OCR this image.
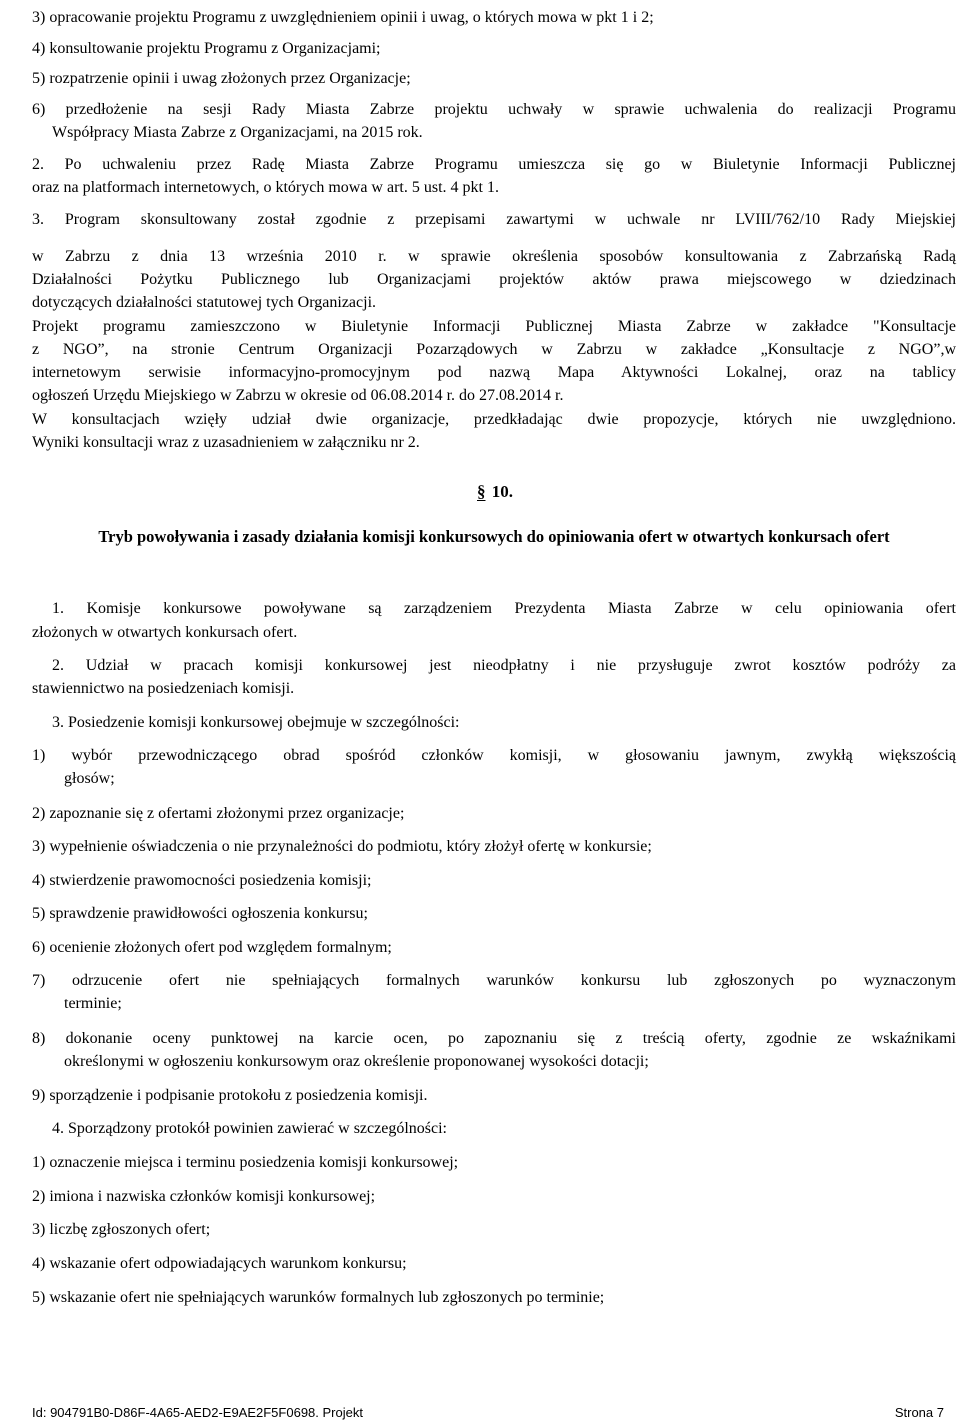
3) opracowanie projektu Programu z uwzględnieniem opinii i uwag, o których mowa w pkt 1 i 2;
4) konsultowanie projektu Programu z Organizacjami;
5) rozpatrzenie opinii i uwag złożonych przez Organizacje;
6) przedłożenie na sesji Rady Miasta Zabrze projektu uchwały w sprawie uchwalenia do realizacji Programu
Współpracy Miasta Zabrze z Organizacjami, na 2015 rok.
2. Po uchwaleniu przez Radę Miasta Zabrze Programu umieszcza się go w Biuletynie Informacji Publicznej
oraz na platformach internetowych, o których mowa w art. 5 ust. 4 pkt 1.
3. Program skonsultowany został zgodnie z przepisami zawartymi w uchwale nr LVIII/762/10 Rady Miejskiej
w Zabrzu z dnia 13 września 2010 r. w sprawie określenia sposobów konsultowania z Zabrzańską Radą
Działalności Pożytku Publicznego lub Organizacjami projektów aktów prawa miejscowego w dziedzinach
dotyczących działalności statutowej tych Organizacji.
Projekt programu zamieszczono w Biuletynie Informacji Publicznej Miasta Zabrze w zakładce "Konsultacje
z NGO”, na stronie Centrum Organizacji Pozarządowych w Zabrzu w zakładce „Konsultacje z NGO”,w
internetowym serwisie informacyjno-promocyjnym pod nazwą Mapa Aktywności Lokalnej, oraz na tablicy
ogłoszeń Urzędu Miejskiego w Zabrzu w okresie od 06.08.2014 r. do 27.08.2014 r.
W konsultacjach wzięły udział dwie organizacje, przedkładając dwie propozycje, których nie uwzględniono.
Wyniki konsultacji wraz z uzasadnieniem w załączniku nr 2.
§ 10.
Tryb powoływania i zasady działania komisji konkursowych do opiniowania ofert w otwartych konkursach ofert
1. Komisje konkursowe powoływane są zarządzeniem Prezydenta Miasta Zabrze w celu opiniowania ofert
złożonych w otwartych konkursach ofert.
2. Udział w pracach komisji konkursowej jest nieodpłatny i nie przysługuje zwrot kosztów podróży za
stawiennictwo na posiedzeniach komisji.
3. Posiedzenie komisji konkursowej obejmuje w szczególności:
1) wybór przewodniczącego obrad spośród członków komisji, w głosowaniu jawnym, zwykłą większością
głosów;
2) zapoznanie się z ofertami złożonymi przez organizacje;
3) wypełnienie oświadczenia o nie przynależności do podmiotu, który złożył ofertę w konkursie;
4) stwierdzenie prawomocności posiedzenia komisji;
5) sprawdzenie prawidłowości ogłoszenia konkursu;
6) ocenienie złożonych ofert pod względem formalnym;
7) odrzucenie ofert nie spełniających formalnych warunków konkursu lub zgłoszonych po wyznaczonym
terminie;
8) dokonanie oceny punktowej na karcie ocen, po zapoznaniu się z treścią oferty, zgodnie ze wskaźnikami
określonymi w ogłoszeniu konkursowym oraz określenie proponowanej wysokości dotacji;
9) sporządzenie i podpisanie protokołu z posiedzenia komisji.
4. Sporządzony protokół powinien zawierać w szczególności:
1) oznaczenie miejsca i terminu posiedzenia komisji konkursowej;
2) imiona i nazwiska członków komisji konkursowej;
3) liczbę zgłoszonych ofert;
4) wskazanie ofert odpowiadających warunkom konkursu;
5) wskazanie ofert nie spełniających warunków formalnych lub zgłoszonych po terminie;
Id: 904791B0-D86F-4A65-AED2-E9AE2F5F0698. Projekt	Strona 7
